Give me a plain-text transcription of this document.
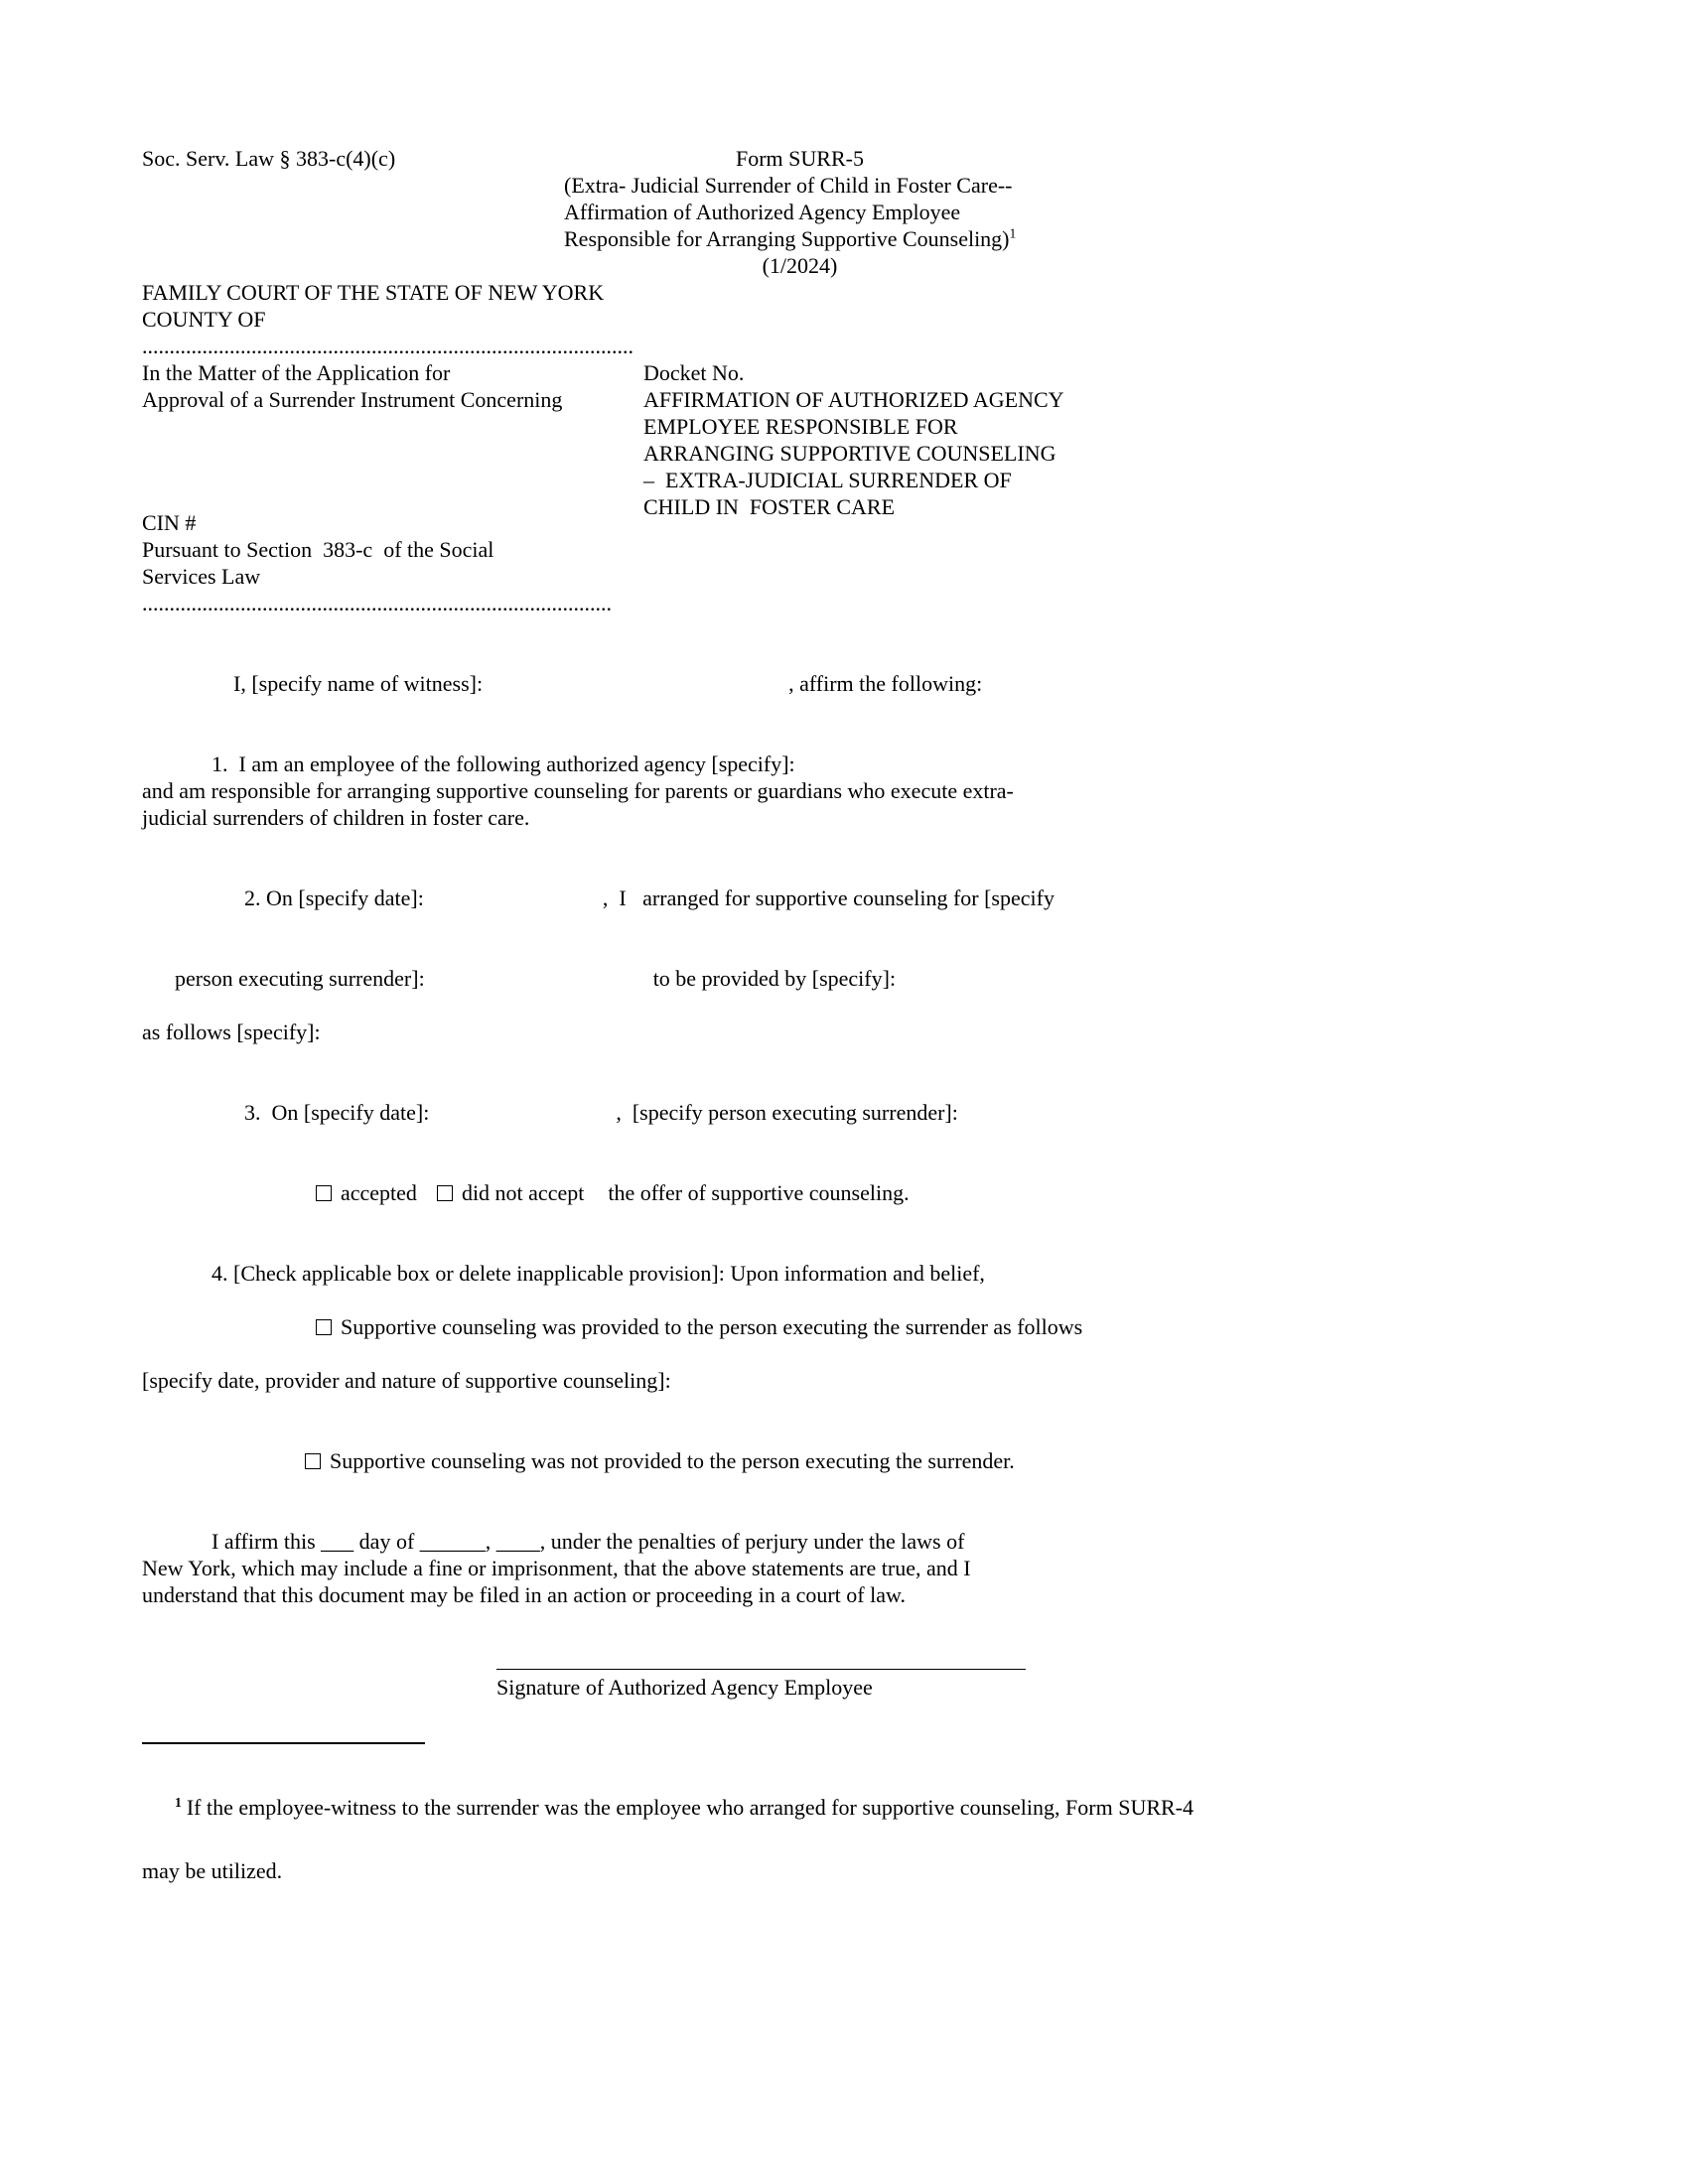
Soc. Serv. Law § 383-c(4)(c)	Form SURR-5
(Extra- Judicial Surrender of Child in Foster Care--
Affirmation of Authorized Agency Employee
Responsible for Arranging Supportive Counseling)$^1$
(1/2024)
FAMILY COURT OF THE STATE OF NEW YORK
COUNTY OF
..........................................................................................
In the Matter of the Application for
Approval of a Surrender Instrument Concerning
CIN #
Pursuant to Section  383-c  of the Social
Services Law
Docket No.
AFFIRMATION OF AUTHORIZED AGENCY
EMPLOYEE RESPONSIBLE FOR
ARRANGING SUPPORTIVE COUNSELING
–  EXTRA-JUDICIAL SURRENDER OF
CHILD IN  FOSTER CARE
......................................................................................

I, [specify name of witness]:	, affirm the following:

1.  I am an employee of the following authorized agency [specify]:
and am responsible for arranging supportive counseling for parents or guardians who execute extra-
judicial surrenders of children in foster care.

2. On [specify date]:	,  I   arranged for supportive counseling for [specify

person executing surrender]:	to be provided by [specify]:

as follows [specify]:

3.  On [specify date]:	,  [specify person executing surrender]:

accepted did not accept the offer of supportive counseling.

4. [Check applicable box or delete inapplicable provision]: Upon information and belief,

Supportive counseling was provided to the person executing the surrender as follows

[specify date, provider and nature of supportive counseling]:

Supportive counseling was not provided to the person executing the surrender.

I affirm this ___ day of ______, ____, under the penalties of perjury under the laws of
New York, which may include a fine or imprisonment, that the above statements are true, and I
understand that this document may be filed in an action or proceeding in a court of law.
Signature of Authorized Agency Employee

$^1$ If the employee-witness to the surrender was the employee who arranged for supportive counseling, Form SURR-4

may be utilized.
